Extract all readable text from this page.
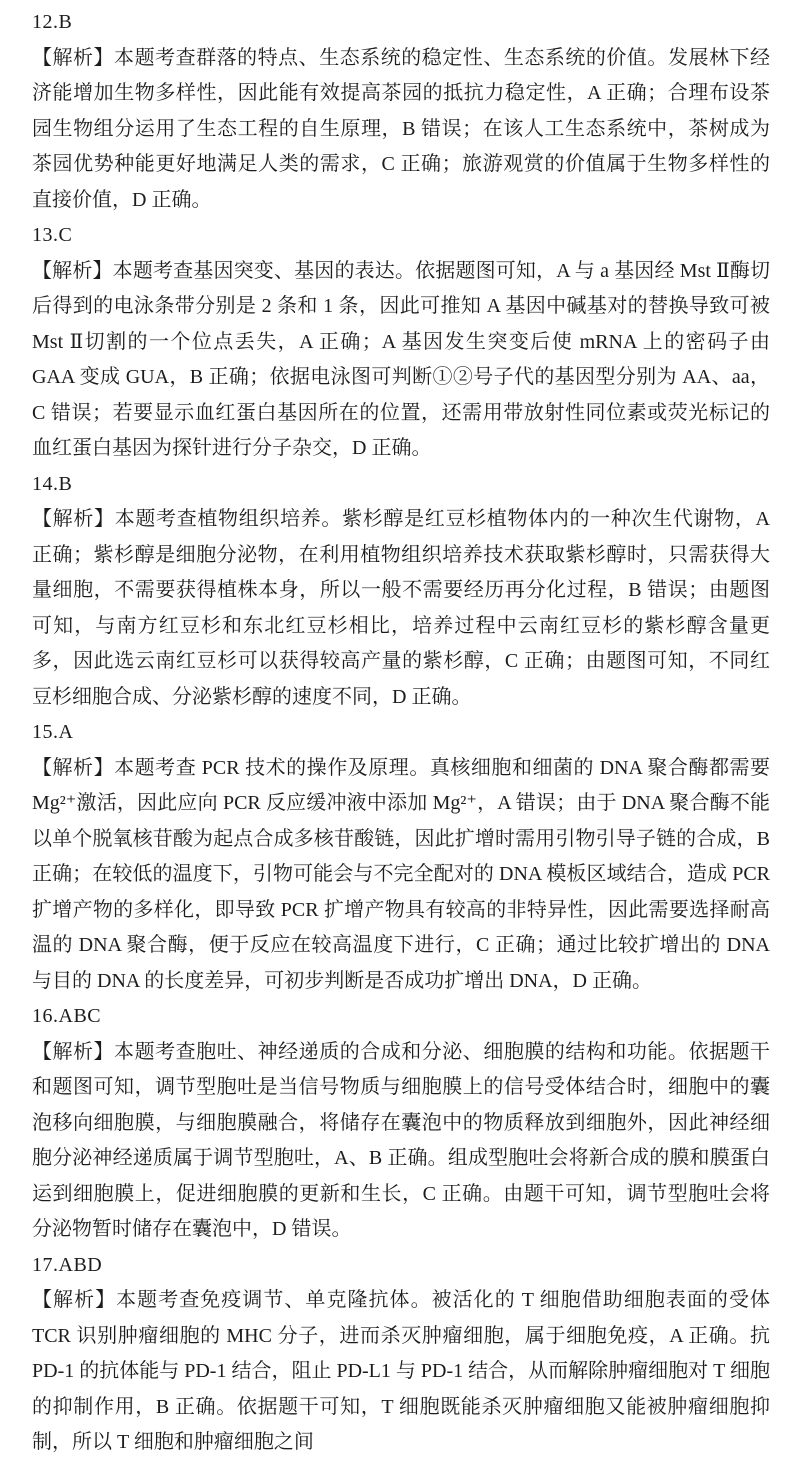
12.B
【解析】本题考查群落的特点、生态系统的稳定性、生态系统的价值。发展林下经济能增加生物多样性，因此能有效提高茶园的抵抗力稳定性，A 正确；合理布设茶园生物组分运用了生态工程的自生原理，B 错误；在该人工生态系统中，茶树成为茶园优势种能更好地满足人类的需求，C 正确；旅游观赏的价值属于生物多样性的直接价值，D 正确。
13.C
【解析】本题考查基因突变、基因的表达。依据题图可知，A 与 a 基因经 Mst Ⅱ酶切后得到的电泳条带分别是 2 条和 1 条，因此可推知 A 基因中碱基对的替换导致可被 Mst Ⅱ切割的一个位点丢失，A 正确；A 基因发生突变后使 mRNA 上的密码子由 GAA 变成 GUA，B 正确；依据电泳图可判断①②号子代的基因型分别为 AA、aa，C 错误；若要显示血红蛋白基因所在的位置，还需用带放射性同位素或荧光标记的血红蛋白基因为探针进行分子杂交，D 正确。
14.B
【解析】本题考查植物组织培养。紫杉醇是红豆杉植物体内的一种次生代谢物，A 正确；紫杉醇是细胞分泌物，在利用植物组织培养技术获取紫杉醇时，只需获得大量细胞，不需要获得植株本身，所以一般不需要经历再分化过程，B 错误；由题图可知，与南方红豆杉和东北红豆杉相比，培养过程中云南红豆杉的紫杉醇含量更多，因此选云南红豆杉可以获得较高产量的紫杉醇，C 正确；由题图可知，不同红豆杉细胞合成、分泌紫杉醇的速度不同，D 正确。
15.A
【解析】本题考查 PCR 技术的操作及原理。真核细胞和细菌的 DNA 聚合酶都需要 Mg²⁺激活，因此应向 PCR 反应缓冲液中添加 Mg²⁺，A 错误；由于 DNA 聚合酶不能以单个脱氧核苷酸为起点合成多核苷酸链，因此扩增时需用引物引导子链的合成，B 正确；在较低的温度下，引物可能会与不完全配对的 DNA 模板区域结合，造成 PCR 扩增产物的多样化，即导致 PCR 扩增产物具有较高的非特异性，因此需要选择耐高温的 DNA 聚合酶，便于反应在较高温度下进行，C 正确；通过比较扩增出的 DNA 与目的 DNA 的长度差异，可初步判断是否成功扩增出 DNA，D 正确。
16.ABC
【解析】本题考查胞吐、神经递质的合成和分泌、细胞膜的结构和功能。依据题干和题图可知，调节型胞吐是当信号物质与细胞膜上的信号受体结合时，细胞中的囊泡移向细胞膜，与细胞膜融合，将储存在囊泡中的物质释放到细胞外，因此神经细胞分泌神经递质属于调节型胞吐，A、B 正确。组成型胞吐会将新合成的膜和膜蛋白运到细胞膜上，促进细胞膜的更新和生长，C 正确。由题干可知，调节型胞吐会将分泌物暂时储存在囊泡中，D 错误。
17.ABD
【解析】本题考查免疫调节、单克隆抗体。被活化的 T 细胞借助细胞表面的受体 TCR 识别肿瘤细胞的 MHC 分子，进而杀灭肿瘤细胞，属于细胞免疫，A 正确。抗 PD-1 的抗体能与 PD-1 结合，阻止 PD-L1 与 PD-1 结合，从而解除肿瘤细胞对 T 细胞的抑制作用，B 正确。依据题干可知，T 细胞既能杀灭肿瘤细胞又能被肿瘤细胞抑制，所以 T 细胞和肿瘤细胞之间
